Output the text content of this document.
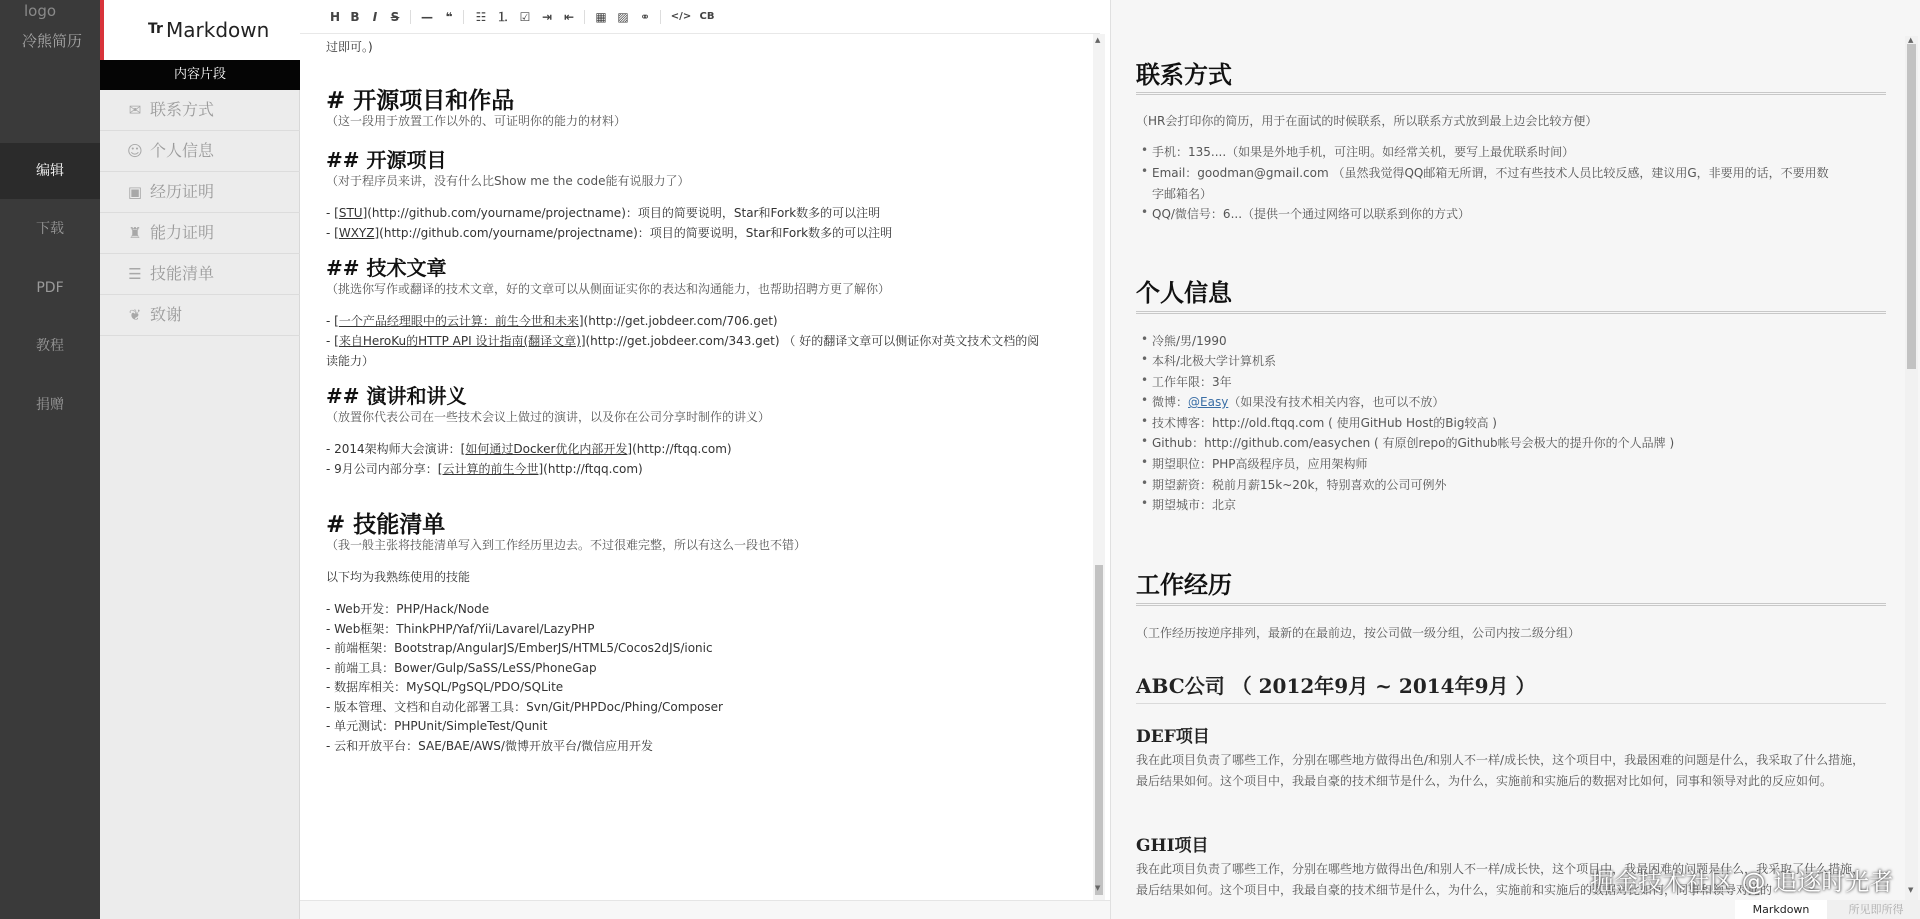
logo
冷熊简历
编辑
下载
PDF
教程
捐赠
Tr Markdown
内容片段
✉ 联系方式
☺ 个人信息
▣ 经历证明
♜ 能力证明
☰ 技能清单
❦ 致谢
H B	I	S	—	❝	☷ ⒈ ☑ ⇥ ⇤	▦ ▨ ⚭	</> CB
过即可。)
# 开源项目和作品
（这一段用于放置工作以外的、可证明你的能力的材料）
## 开源项目
（对于程序员来讲，没有什么比Show me the code能有说服力了）
- [STU](http://github.com/yourname/projectname)：项目的简要说明，Star和Fork数多的可以注明
- [WXYZ](http://github.com/yourname/projectname)：项目的简要说明，Star和Fork数多的可以注明
## 技术文章
（挑选你写作或翻译的技术文章，好的文章可以从侧面证实你的表达和沟通能力，也帮助招聘方更了解你）
- [一个产品经理眼中的云计算：前生今世和未来](http://get.jobdeer.com/706.get)
- [来自HeroKu的HTTP API 设计指南(翻译文章)](http://get.jobdeer.com/343.get) （ 好的翻译文章可以侧证你对英文技术文档的阅
读能力）
## 演讲和讲义
（放置你代表公司在一些技术会议上做过的演讲，以及你在公司分享时制作的讲义）
- 2014架构师大会演讲：[如何通过Docker优化内部开发](http://ftqq.com)
- 9月公司内部分享：[云计算的前生今世](http://ftqq.com)
# 技能清单
（我一般主张将技能清单写入到工作经历里边去。不过很难完整，所以有这么一段也不错）
以下均为我熟练使用的技能
- Web开发：PHP/Hack/Node
- Web框架：ThinkPHP/Yaf/Yii/Lavarel/LazyPHP
- 前端框架：Bootstrap/AngularJS/EmberJS/HTML5/Cocos2dJS/ionic
- 前端工具：Bower/Gulp/SaSS/LeSS/PhoneGap
- 数据库相关：MySQL/PgSQL/PDO/SQLite
- 版本管理、文档和自动化部署工具：Svn/Git/PHPDoc/Phing/Composer
- 单元测试：PHPUnit/SimpleTest/Qunit
- 云和开放平台：SAE/BAE/AWS/微博开放平台/微信应用开发
▲
▼
联系方式
（HR会打印你的简历，用于在面试的时候联系，所以联系方式放到最上边会比较方便）
• 手机：135....（如果是外地手机，可注明。如经常关机，要写上最优联系时间）
• Email：goodman@gmail.com （虽然我觉得QQ邮箱无所谓，不过有些技术人员比较反感，建议用G，非要用的话，不要用数
字邮箱名）
• QQ/微信号：6...（提供一个通过网络可以联系到你的方式）
个人信息
• 冷熊/男/1990
• 本科/北极大学计算机系
• 工作年限：3年
• 微博：@Easy（如果没有技术相关内容，也可以不放）
• 技术博客：http://old.ftqq.com ( 使用GitHub Host的Big较高 )
• Github：http://github.com/easychen ( 有原创repo的Github帐号会极大的提升你的个人品牌 )
• 期望职位：PHP高级程序员，应用架构师
• 期望薪资：税前月薪15k~20k，特别喜欢的公司可例外
• 期望城市：北京
工作经历
（工作经历按逆序排列，最新的在最前边，按公司做一级分组，公司内按二级分组）
ABC公司 （ 2012年9月 ~ 2014年9月 ）
DEF项目
我在此项目负责了哪些工作，分别在哪些地方做得出色/和别人不一样/成长快，这个项目中，我最困难的问题是什么，我采取了什么措施，最后结果如何。这个项目中，我最自豪的技术细节是什么，为什么，实施前和实施后的数据对比如何，同事和领导对此的反应如何。
GHI项目
我在此项目负责了哪些工作，分别在哪些地方做得出色/和别人不一样/成长快，这个项目中，我最困难的问题是什么，我采取了什么措施，最后结果如何。这个项目中，我最自豪的技术细节是什么，为什么，实施前和实施后的数据对比如何，同事和领导对此的
▲
▼
Markdown	所见即所得
掘金技术社区 @ 追逐时光者
